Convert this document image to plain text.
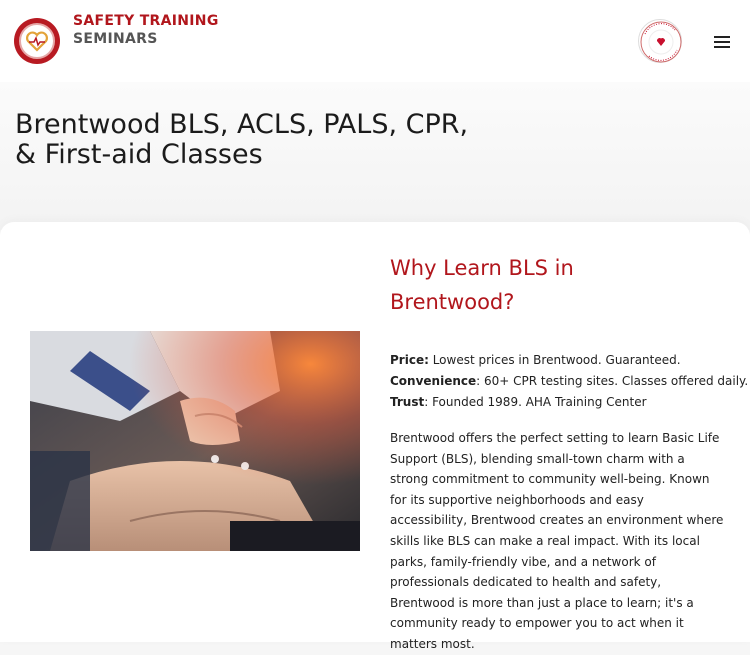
SAFETY TRAINING
SEMINARS
Brentwood BLS, ACLS, PALS, CPR,
& First-aid Classes
Why Learn BLS in
Brentwood?
Price: Lowest prices in Brentwood. Guaranteed.
Convenience: 60+ CPR testing sites. Classes offered daily.
Trust: Founded 1989. AHA Training Center

Brentwood offers the perfect setting to learn Basic Life Support (BLS), blending small-town charm with a strong commitment to community well-being. Known for its supportive neighborhoods and easy accessibility, Brentwood creates an environment where skills like BLS can make a real impact. With its local parks, family-friendly vibe, and a network of professionals dedicated to health and safety, Brentwood is more than just a place to learn; it's a community ready to empower you to act when it matters most.
